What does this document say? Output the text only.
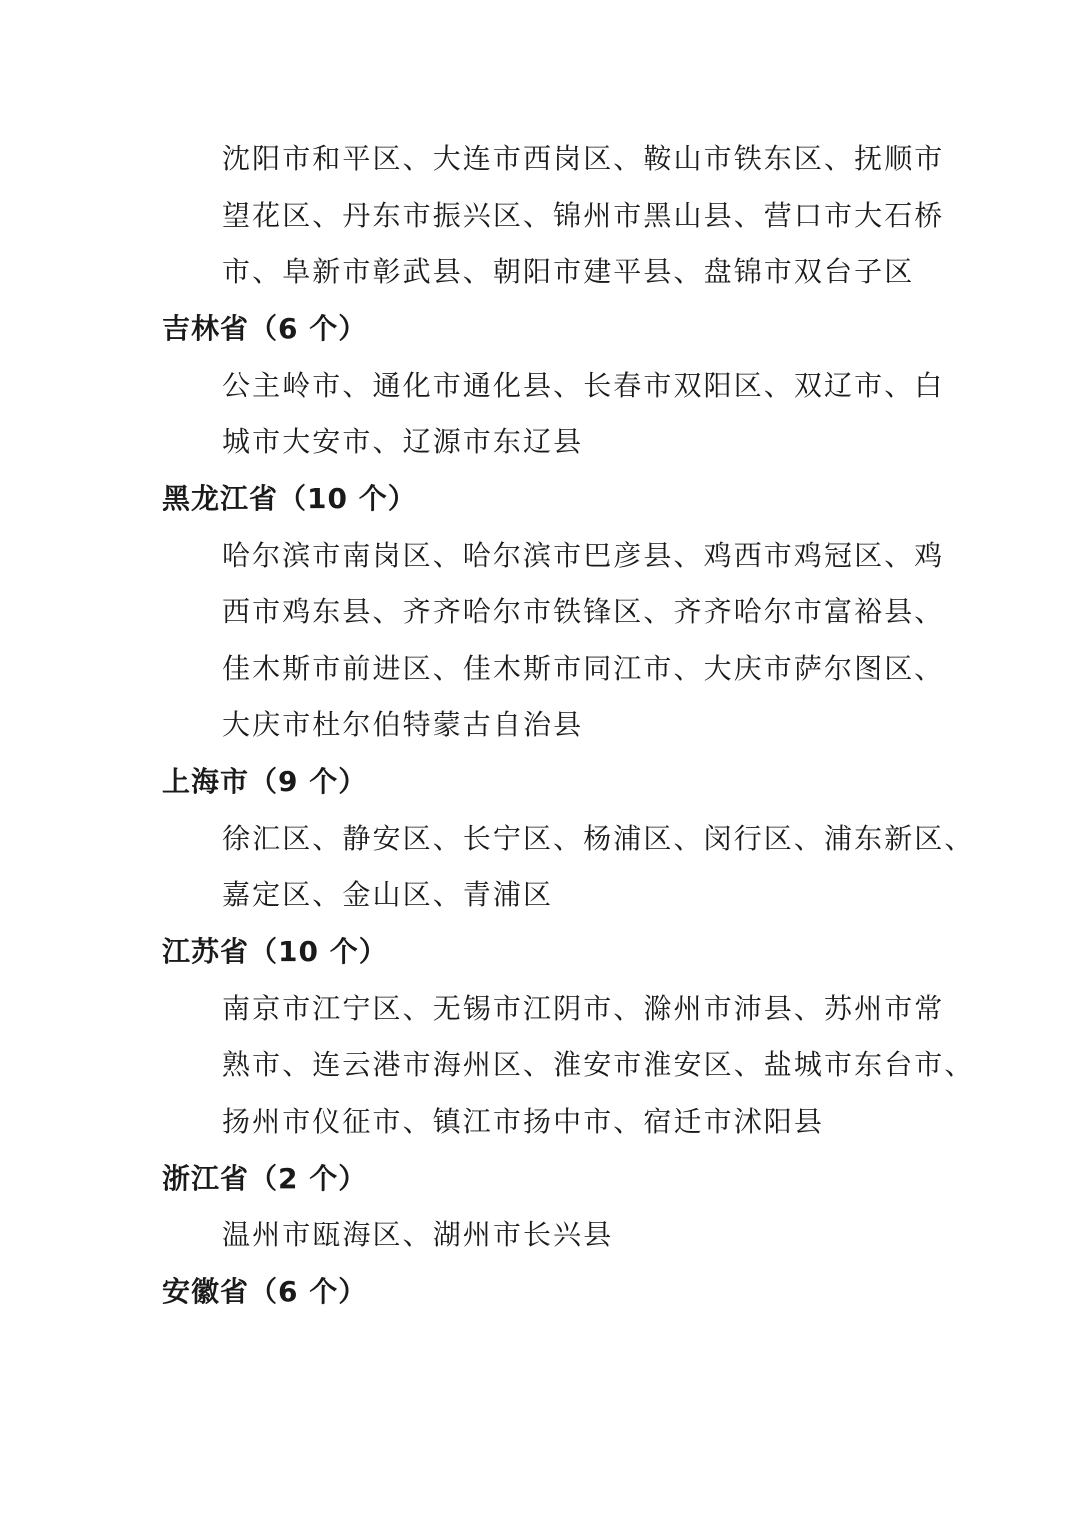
沈阳市和平区、大连市西岗区、鞍山市铁东区、抚顺市
望花区、丹东市振兴区、锦州市黑山县、营口市大石桥
市、阜新市彰武县、朝阳市建平县、盘锦市双台子区
吉林省（6 个）
公主岭市、通化市通化县、长春市双阳区、双辽市、白
城市大安市、辽源市东辽县
黑龙江省（10 个）
哈尔滨市南岗区、哈尔滨市巴彦县、鸡西市鸡冠区、鸡
西市鸡东县、齐齐哈尔市铁锋区、齐齐哈尔市富裕县、
佳木斯市前进区、佳木斯市同江市、大庆市萨尔图区、
大庆市杜尔伯特蒙古自治县
上海市（9 个）
徐汇区、静安区、长宁区、杨浦区、闵行区、浦东新区、
嘉定区、金山区、青浦区
江苏省（10 个）
南京市江宁区、无锡市江阴市、滁州市沛县、苏州市常
熟市、连云港市海州区、淮安市淮安区、盐城市东台市、
扬州市仪征市、镇江市扬中市、宿迁市沭阳县
浙江省（2 个）
温州市瓯海区、湖州市长兴县
安徽省（6 个）
